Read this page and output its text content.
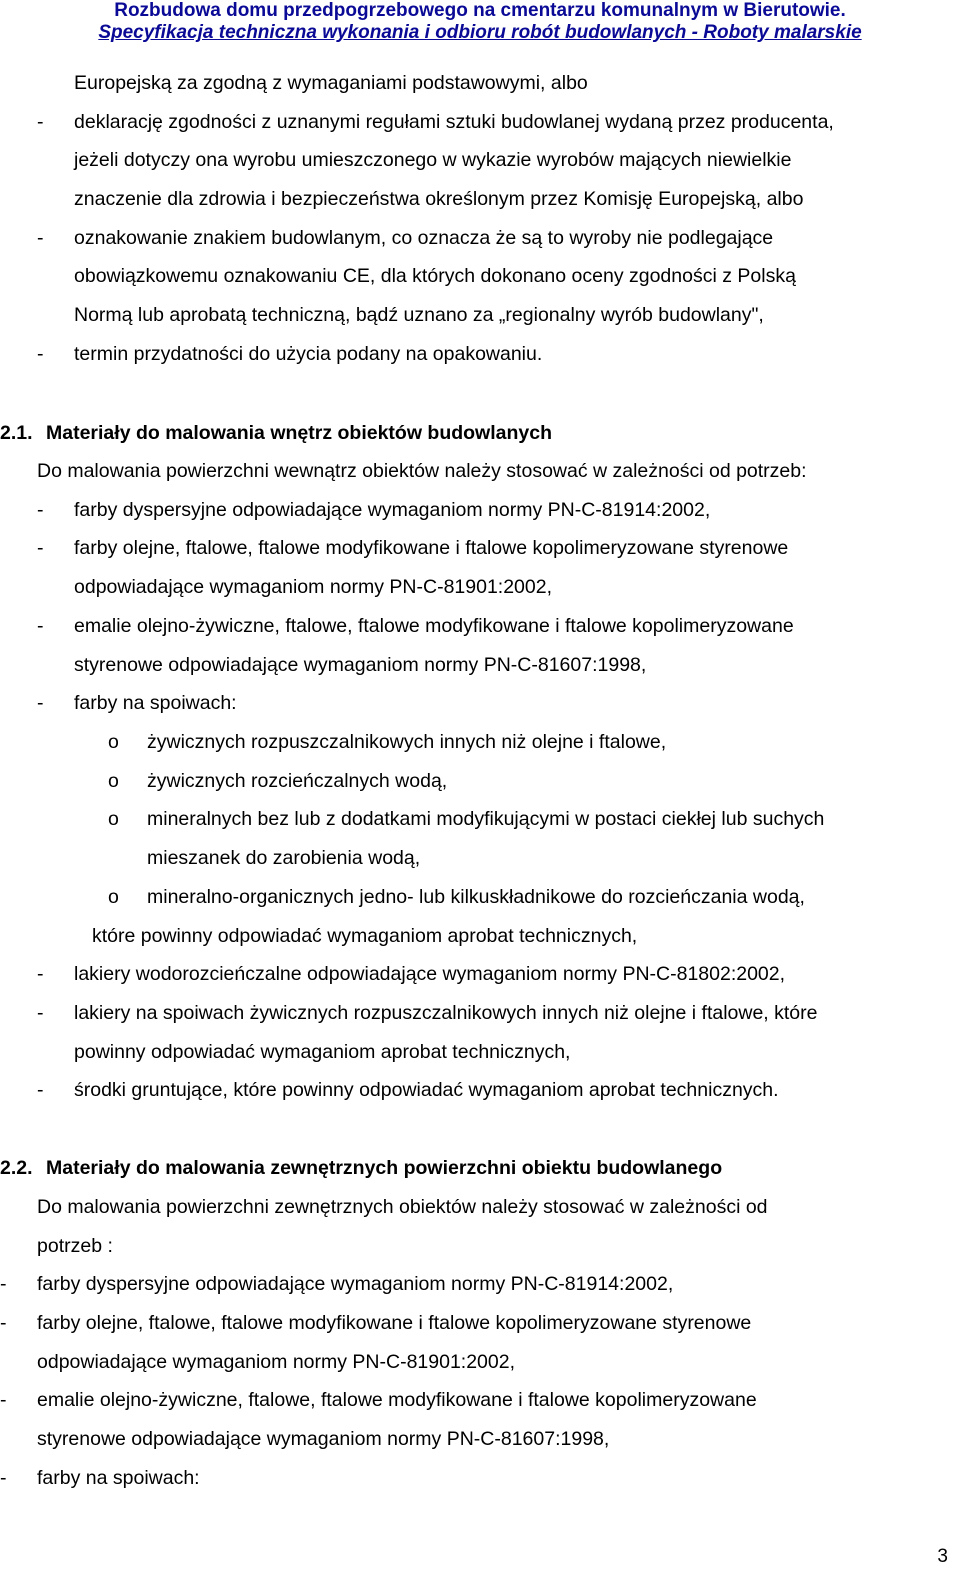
Rozbudowa domu przedpogrzebowego na cmentarzu komunalnym w Bierutowie.
Specyfikacja techniczna wykonania i odbioru robót budowlanych - Roboty malarskie
Europejską za zgodną z wymaganiami podstawowymi, albo
- deklarację zgodności z uznanymi regułami sztuki budowlanej wydaną przez producenta,
jeżeli dotyczy ona wyrobu umieszczonego w wykazie wyrobów mających niewielkie
znaczenie dla zdrowia i bezpieczeństwa określonym przez Komisję Europejską, albo
- oznakowanie znakiem budowlanym, co oznacza że są to wyroby nie podlegające
obowiązkowemu oznakowaniu CE, dla których dokonano oceny zgodności z Polską
Normą lub aprobatą techniczną, bądź uznano za „regionalny wyrób budowlany",
- termin przydatności do użycia podany na opakowaniu.
2.1. Materiały do malowania wnętrz obiektów budowlanych
Do malowania powierzchni wewnątrz obiektów należy stosować w zależności od potrzeb:
- farby dyspersyjne odpowiadające wymaganiom normy PN-C-81914:2002,
- farby olejne, ftalowe, ftalowe modyfikowane i ftalowe kopolimeryzowane styrenowe
odpowiadające wymaganiom normy PN-C-81901:2002,
- emalie olejno-żywiczne, ftalowe, ftalowe modyfikowane i ftalowe kopolimeryzowane
styrenowe odpowiadające wymaganiom normy PN-C-81607:1998,
- farby na spoiwach:
o żywicznych rozpuszczalnikowych innych niż olejne i ftalowe,
o żywicznych rozcieńczalnych wodą,
o mineralnych bez lub z dodatkami modyfikującymi w postaci ciekłej lub suchych
mieszanek do zarobienia wodą,
o mineralno-organicznych jedno- lub kilkuskładnikowe do rozcieńczania wodą,
które powinny odpowiadać wymaganiom aprobat technicznych,
- lakiery wodorozcieńczalne odpowiadające wymaganiom normy PN-C-81802:2002,
- lakiery na spoiwach żywicznych rozpuszczalnikowych innych niż olejne i ftalowe, które
powinny odpowiadać wymaganiom aprobat technicznych,
- środki gruntujące, które powinny odpowiadać wymaganiom aprobat technicznych.
2.2. Materiały do malowania zewnętrznych powierzchni obiektu budowlanego
Do malowania powierzchni zewnętrznych obiektów należy stosować w zależności od
potrzeb :
- farby dyspersyjne odpowiadające wymaganiom normy PN-C-81914:2002,
- farby olejne, ftalowe, ftalowe modyfikowane i ftalowe kopolimeryzowane styrenowe
odpowiadające wymaganiom normy PN-C-81901:2002,
- emalie olejno-żywiczne, ftalowe, ftalowe modyfikowane i ftalowe kopolimeryzowane
styrenowe odpowiadające wymaganiom normy PN-C-81607:1998,
- farby na spoiwach:
3
